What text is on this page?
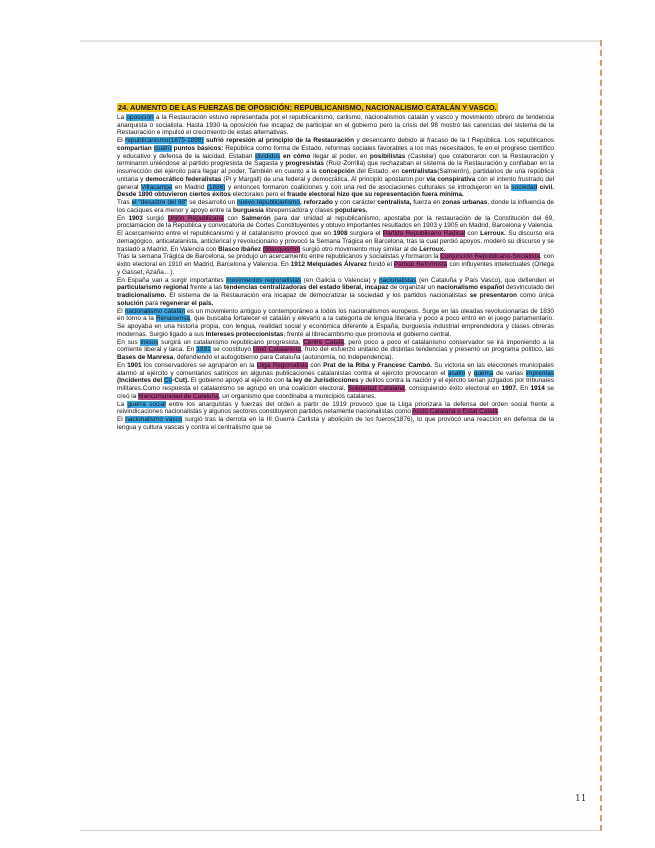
24. AUMENTO DE LAS FUERZAS DE OPOSICIÓN: REPUBLICANISMO, NACIONALISMO CATALÁN Y VASCO.

La oposición a la Restauración estuvo representada por el republicanismo, carlismo, nacionalismos catalán y vasco y movimiento obrero de tendencia anarquista o socialista. Hasta 1930 la oposición fue incapaz de participar en el gobierno pero la crisis del 98 mostró las carencias del sistema de la Restauración e impulsó el crecimiento de estas alternativas.

El republicanismo(1875-1898) sufrió represión al principio de la Restauración y desencanto debido al fracaso de la I República. Los republicanos compartían cuatro puntos básicos: República como forma de Estado, reformas sociales favorables a los más necesitados, fe en el progreso científico y educativo y defensa de la laicidad. Estaban divididos en cómo llegar al poder, en posibilistas (Castelar) que colaboraron con la Restauración y terminaron uniéndose al partido progresista de Sagasta y progresistas (Ruiz-Zorrilla) que rechazaban el sistema de la Restauración y confiaban en la insurrección del ejército para llegar al poder. También en cuanto a la concepción del Estado, en centralistas(Salmerón), partidarios de una república unitaria y democrático federalistas (Pi y Margall) de una federal y democrática. Al principio apostaron por vía conspirativa con el intento frustrado del general Villacampa en Madrid (1886) y entonces formaron coaliciones y con una red de asociaciones culturales se introdujeron en la sociedad civil. Desde 1890 obtuvieron ciertos éxitos electorales pero el fraude electoral hizo que su representación fuera mínima.

Tras el "desastre del 98" se desarrolló un nuevo republicanismo, reforzado y con carácter centralista, fuerza en zonas urbanas, donde la influencia de los caciques era menor y apoyo entre la burguesía librepensadora y clases populares.

En 1903 surgió Unión Republicana con Salmerón para dar unidad al republicanismo, apostaba por la restauración de la Constitución del 69, proclamación de la República y convocatoria de Cortes Constituyentes y obtuvo importantes resultados en 1903 y 1905 en Madrid, Barcelona y Valencia.

El acercamiento entre el republicanismo y el catalanismo provocó que en 1908 surgiera el Partido Republicano Radical con Lerroux. Su discurso era demagógico, anticatalanista, anticlerical y revolucionario y provocó la Semana Trágica en Barcelona, tras la cual perdió apoyos, moderó su discurso y se trasladó a Madrid. En Valencia con Blasco Ibáñez (Blasquismo) surgió otro movimiento muy similar al de Lerroux.

Tras la semana Trágica de Barcelona, se produjo un acercamiento entre republicanos y socialistas y formaron la Conjunción Republicano-Socialista, con éxito electoral en 1910 en Madrid, Barcelona y Valencia. En 1912 Melquíades Álvarez fundó el Partido Reformista con influyentes intelectuales (Ortega y Gasset, Azaña…).

En España van a surgir importantes movimientos regionalistas (en Galicia o Valencia) y nacionalistas (en Cataluña y País Vasco), que defienden el particularismo regional frente a las tendencias centralizadoras del estado liberal, incapaz de organizar un nacionalismo español desvinculado del tradicionalismo. El sistema de la Restauración era incapaz de democratizar la sociedad y los partidos nacionalistas se presentaron como única solución para regenerar el país.

El nacionalismo catalán es un movimiento antiguo y contemporáneo a todos los nacionalismos europeos. Surge en las oleadas revolucionarias de 1830 en torno a la Renaixensa, que buscaba fortalecer el catalán y elevarlo a la categoría de lengua literaria y poco a poco entró en el juego parlamentario. Se apoyaba en una historia propia, con lengua, realidad social y económica diferente a España, burguesía industrial emprendedora y clases obreras modernas. Surgió ligado a sus Intereses proteccionistas, frente al librecambismo que promovía el gobierno central.

En sus inicios surgirá un catalanismo republicano progresista, Centre Català, pero poco a poco el catalanismo conservador se irá imponiendo a la corriente liberal y laica. En 1891 se constituyó Unió Catalanista, fruto del esfuerzo unitario de distintas tendencias y presentó un programa político, las Bases de Manresa, defendiendo el autogobierno para Cataluña (autonomía, no independencia).

En 1901 los conservadores se agruparon en la Lliga Regionalista con Prat de la Riba y Francesc Cambó. Su victoria en las elecciones municipales alarmó al ejército y comentarios satíricos en algunas publicaciones catalanistas contra el ejército provocaron el asalto y quema de varias imprentas (Incidentes del Cu-Cut). El gobierno apoyó al ejército con la ley de Jurisdicciones y delitos contra la nación y el ejército serían juzgados por tribunales militares.Como respuesta el catalanismo se agrupó en una coalición electoral, Solidaritat Catalana, consiguiendo éxito electoral en 1907. En 1914 se creó la Mancomunidad de Cataluña, un organismo que coordinaba a municipios catalanes.

La guerra social entre los anarquistas y fuerzas del orden a partir de 1919 provocó que la Lliga priorizara la defensa del orden social frente a reivindicaciones nacionalistas y algunos sectores constituyeron partidos netamente nacionalistas como Acció Catalana o Estat Català.

El nacionalismo vasco surgió tras la derrota en la III Guerra Carlista y abolición de los fueros(1876), lo que provocó una reacción en defensa de la lengua y cultura vascas y contra el centralismo que se

11
